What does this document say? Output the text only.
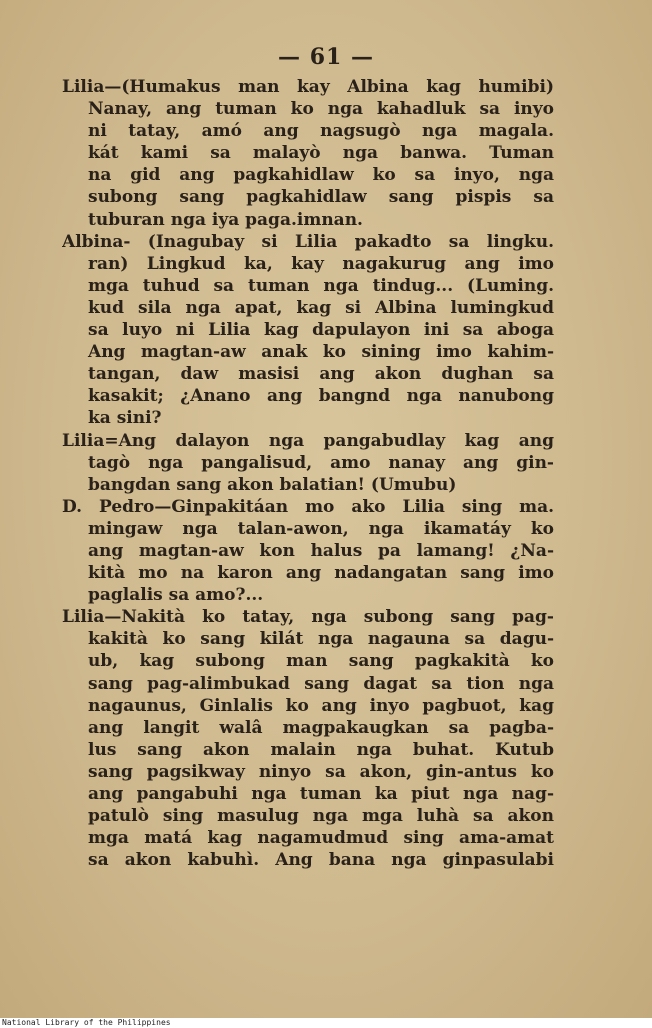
— 61 —
Lilia—(Humakus man kay Albina kag humibi)
Nanay, ang tuman ko nga kahadluk sa inyo
ni tatay, amó ang nagsugò nga magala.
kát kami sa malayò nga banwa. Tuman
na gid ang pagkahidlaw ko sa inyo, nga
subong sang pagkahidlaw sang pispis sa
tuburan nga iya paga.imnan.
Albina- (Inagubay si Lilia pakadto sa lingku.
ran) Lingkud ka, kay nagakurug ang imo
mga tuhud sa tuman nga tindug... (Luming.
kud sila nga apat, kag si Albina lumingkud
sa luyo ni Lilia kag dapulayon ini sa aboga
Ang magtan-aw anak ko sining imo kahim-
tangan, daw masisi ang akon dughan sa
kasakit; ¿Anano ang bangnd nga nanubong
ka sini?
Lilia=Ang dalayon nga pangabudlay kag ang
tagò nga pangalisud, amo nanay ang gin-
bangdan sang akon balatian! (Umubu)
D. Pedro—Ginpakitáan mo ako Lilia sing ma.
mingaw nga talan-awon, nga ikamatáy ko
ang magtan-aw kon halus pa lamang! ¿Na-
kità mo na karon ang nadangatan sang imo
paglalis sa amo?...
Lilia—Nakità ko tatay, nga subong sang pag-
kakità ko sang kilát nga nagauna sa dagu-
ub, kag subong man sang pagkakità ko
sang pag-alimbukad sang dagat sa tion nga
nagaunus, Ginlalis ko ang inyo pagbuot, kag
ang langit walâ magpakaugkan sa pagba-
lus sang akon malain nga buhat. Kutub
sang pagsikway ninyo sa akon, gin-antus ko
ang pangabuhi nga tuman ka piut nga nag-
patulò sing masulug nga mga luhà sa akon
mga matá kag nagamudmud sing ama-amat
sa akon kabuhì. Ang bana nga ginpasulabi
National Library of the Philippines
